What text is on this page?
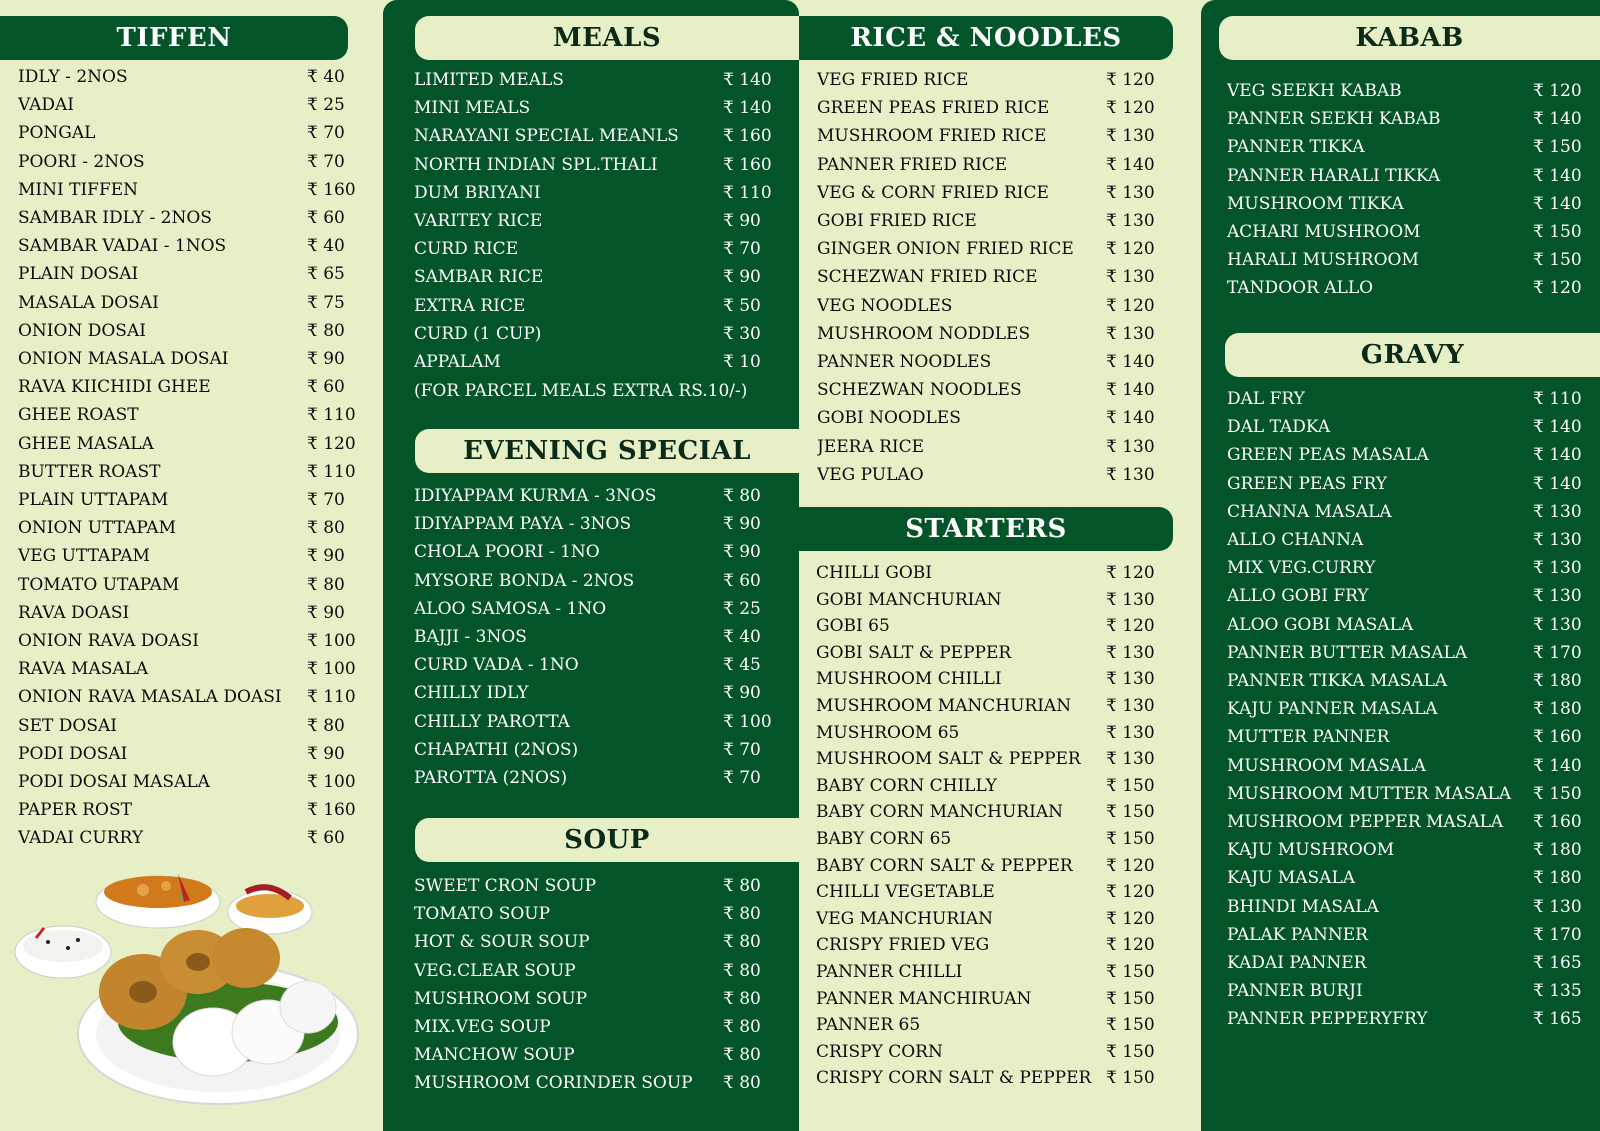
TIFFEN
IDLY - 2NOS	₹ 40
VADAI	₹ 25
PONGAL	₹ 70
POORI - 2NOS	₹ 70
MINI TIFFEN	₹ 160
SAMBAR IDLY - 2NOS	₹ 60
SAMBAR VADAI - 1NOS	₹ 40
PLAIN DOSAI	₹ 65
MASALA DOSAI	₹ 75
ONION DOSAI	₹ 80
ONION MASALA DOSAI	₹ 90
RAVA KIICHIDI GHEE	₹ 60
GHEE ROAST	₹ 110
GHEE MASALA	₹ 120
BUTTER ROAST	₹ 110
PLAIN UTTAPAM	₹ 70
ONION UTTAPAM	₹ 80
VEG UTTAPAM	₹ 90
TOMATO UTAPAM	₹ 80
RAVA DOASI	₹ 90
ONION RAVA DOASI	₹ 100
RAVA MASALA	₹ 100
ONION RAVA MASALA DOASI	₹ 110
SET DOSAI	₹ 80
PODI DOSAI	₹ 90
PODI DOSAI MASALA	₹ 100
PAPER ROST	₹ 160
VADAI CURRY	₹ 60
MEALS
LIMITED MEALS	₹ 140
MINI MEALS	₹ 140
NARAYANI SPECIAL MEANLS	₹ 160
NORTH INDIAN SPL.THALI	₹ 160
DUM BRIYANI	₹ 110
VARITEY RICE	₹ 90
CURD RICE	₹ 70
SAMBAR RICE	₹ 90
EXTRA RICE	₹ 50
CURD (1 CUP)	₹ 30
APPALAM	₹ 10
(FOR PARCEL MEALS EXTRA RS.10/-)
EVENING SPECIAL
IDIYAPPAM KURMA - 3NOS	₹ 80
IDIYAPPAM PAYA - 3NOS	₹ 90
CHOLA POORI - 1NO	₹ 90
MYSORE BONDA - 2NOS	₹ 60
ALOO SAMOSA - 1NO	₹ 25
BAJJI - 3NOS	₹ 40
CURD VADA - 1NO	₹ 45
CHILLY IDLY	₹ 90
CHILLY PAROTTA	₹ 100
CHAPATHI (2NOS)	₹ 70
PAROTTA (2NOS)	₹ 70
SOUP
SWEET CRON SOUP	₹ 80
TOMATO SOUP	₹ 80
HOT & SOUR SOUP	₹ 80
VEG.CLEAR SOUP	₹ 80
MUSHROOM SOUP	₹ 80
MIX.VEG SOUP	₹ 80
MANCHOW SOUP	₹ 80
MUSHROOM CORINDER SOUP	₹ 80
RICE & NOODLES
VEG FRIED RICE	₹ 120
GREEN PEAS FRIED RICE	₹ 120
MUSHROOM FRIED RICE	₹ 130
PANNER FRIED RICE	₹ 140
VEG & CORN FRIED RICE	₹ 130
GOBI FRIED RICE	₹ 130
GINGER ONION FRIED RICE	₹ 120
SCHEZWAN FRIED RICE	₹ 130
VEG NOODLES	₹ 120
MUSHROOM NODDLES	₹ 130
PANNER NOODLES	₹ 140
SCHEZWAN NOODLES	₹ 140
GOBI NOODLES	₹ 140
JEERA RICE	₹ 130
VEG PULAO	₹ 130
STARTERS
CHILLI GOBI	₹ 120
GOBI MANCHURIAN	₹ 130
GOBI 65	₹ 120
GOBI SALT & PEPPER	₹ 130
MUSHROOM CHILLI	₹ 130
MUSHROOM MANCHURIAN	₹ 130
MUSHROOM 65	₹ 130
MUSHROOM SALT & PEPPER	₹ 130
BABY CORN CHILLY	₹ 150
BABY CORN MANCHURIAN	₹ 150
BABY CORN 65	₹ 150
BABY CORN SALT & PEPPER	₹ 120
CHILLI VEGETABLE	₹ 120
VEG MANCHURIAN	₹ 120
CRISPY FRIED VEG	₹ 120
PANNER CHILLI	₹ 150
PANNER MANCHIRUAN	₹ 150
PANNER 65	₹ 150
CRISPY CORN	₹ 150
CRISPY CORN SALT & PEPPER ₹ 150
KABAB
VEG SEEKH KABAB	₹ 120
PANNER SEEKH KABAB	₹ 140
PANNER TIKKA	₹ 150
PANNER HARALI TIKKA	₹ 140
MUSHROOM TIKKA	₹ 140
ACHARI MUSHROOM	₹ 150
HARALI MUSHROOM	₹ 150
TANDOOR ALLO	₹ 120
GRAVY
DAL FRY	₹ 110
DAL TADKA	₹ 140
GREEN PEAS MASALA	₹ 140
GREEN PEAS FRY	₹ 140
CHANNA MASALA	₹ 130
ALLO CHANNA	₹ 130
MIX VEG.CURRY	₹ 130
ALLO GOBI FRY	₹ 130
ALOO GOBI MASALA	₹ 130
PANNER BUTTER MASALA	₹ 170
PANNER TIKKA MASALA	₹ 180
KAJU PANNER MASALA	₹ 180
MUTTER PANNER	₹ 160
MUSHROOM MASALA	₹ 140
MUSHROOM MUTTER MASALA	₹ 150
MUSHROOM PEPPER MASALA	₹ 160
KAJU MUSHROOM	₹ 180
KAJU MASALA	₹ 180
BHINDI MASALA	₹ 130
PALAK PANNER	₹ 170
KADAI PANNER	₹ 165
PANNER BURJI	₹ 135
PANNER PEPPERYFRY	₹ 165
